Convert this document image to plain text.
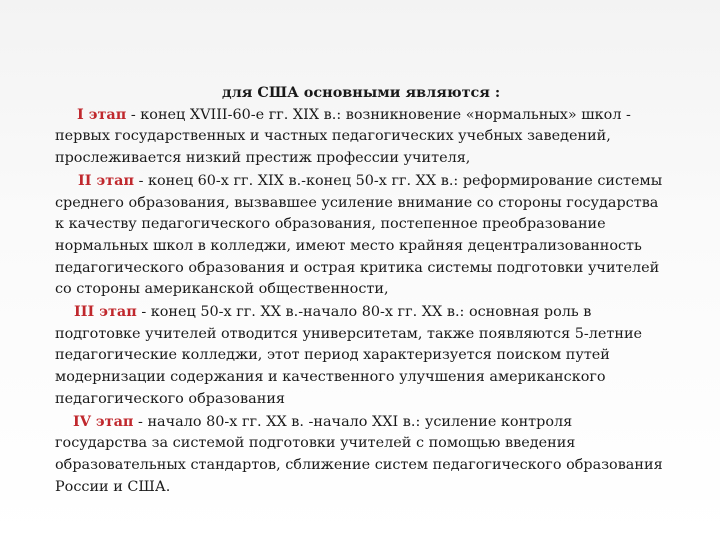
для США основными являются :

I этап - конец XVIII-60-е гг. XIX в.: возникновение «нормальных» школ - первых государственных и частных педагогических учебных заведений, прослеживается низкий престиж профессии учителя,

II этап - конец 60-х гг. XIX в.-конец 50-х гг. XX в.: реформирование системы среднего образования, вызвавшее усиление внимание со стороны государства к качеству педагогического образования, постепенное преобразование нормальных школ в колледжи, имеют место крайняя децентрализованность педагогического образования и острая критика системы подготовки учителей со стороны американской общественности,

III этап - конец 50-х гг. XX в.-начало 80-х гг. XX в.: основная роль в подготовке учителей отводится университетам, также появляются 5-летние педагогические колледжи, этот период характеризуется поиском путей модернизации содержания и качественного улучшения американского педагогического образования

IV этап - начало 80-х гг. XX в. -начало XXI в.: усиление контроля государства за системой подготовки учителей с помощью введения образовательных стандартов, сближение систем педагогического образования России и США.
